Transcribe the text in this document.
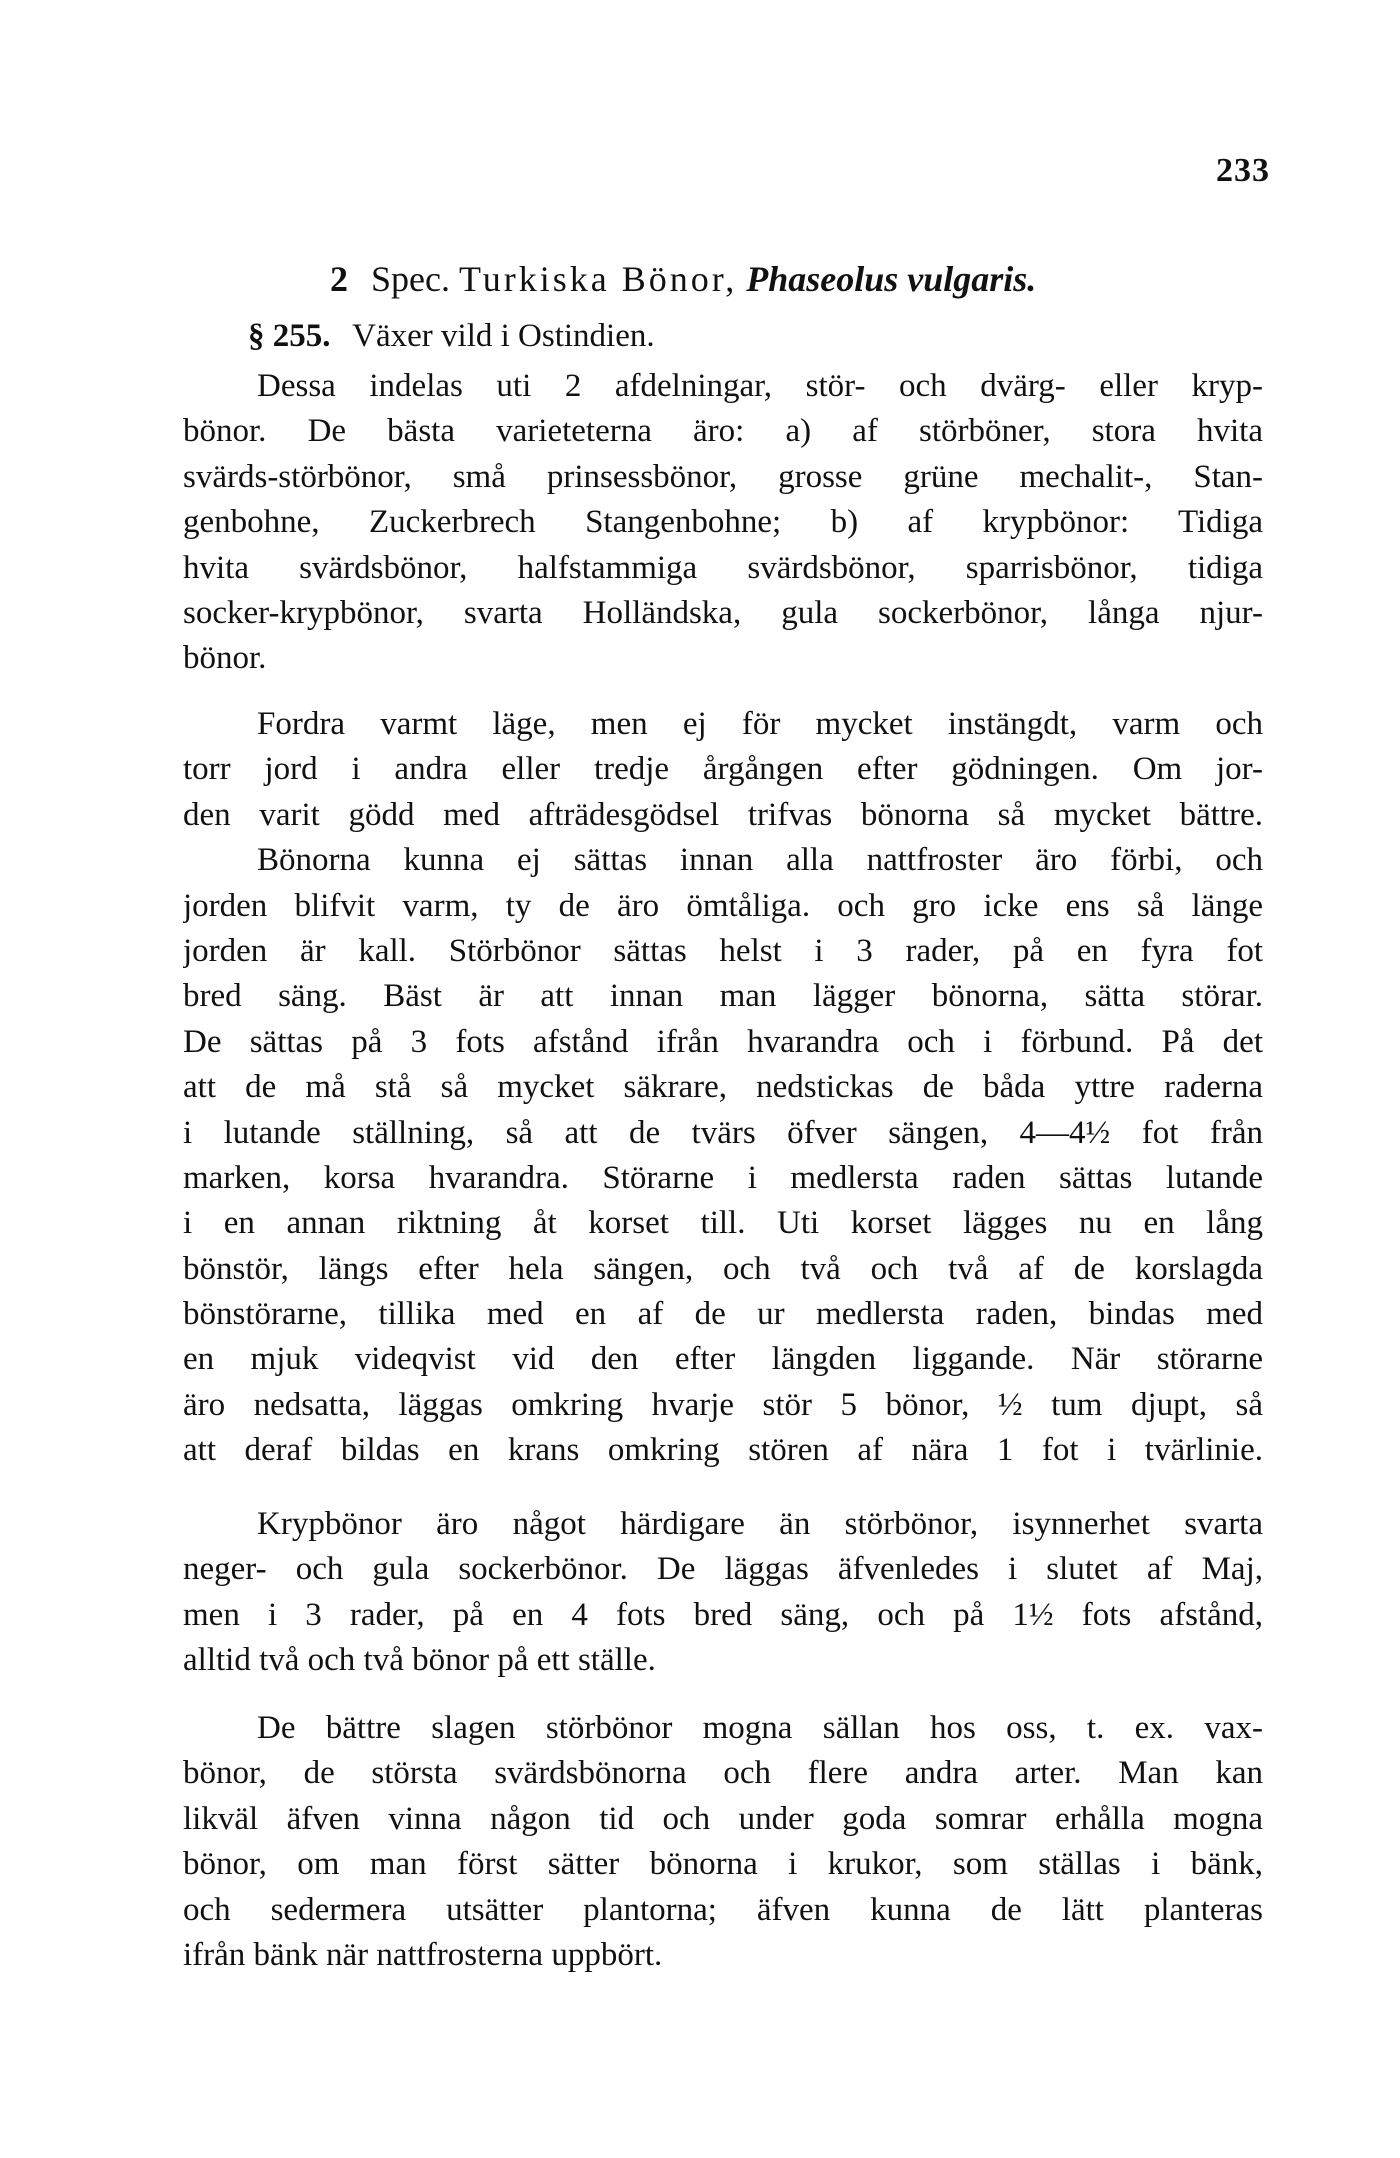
233
2 Spec. Turkiska Bönor, Phaseolus vulgaris.
§ 255. Växer vild i Ostindien.
Dessa indelas uti 2 afdelningar, stör- och dvärg- eller kryp-
bönor. De bästa varieteterna äro: a) af störböner, stora hvita
svärds-störbönor, små prinsessbönor, grosse grüne mechalit-, Stan-
genbohne, Zuckerbrech Stangenbohne; b) af krypbönor: Tidiga
hvita svärdsbönor, halfstammiga svärdsbönor, sparrisbönor, tidiga
socker-krypbönor, svarta Holländska, gula sockerbönor, långa njur-
bönor.
Fordra varmt läge, men ej för mycket instängdt, varm och
torr jord i andra eller tredje årgången efter gödningen. Om jor-
den varit gödd med afträdesgödsel trifvas bönorna så mycket bättre.
Bönorna kunna ej sättas innan alla nattfroster äro förbi, och
jorden blifvit varm, ty de äro ömtåliga. och gro icke ens så länge
jorden är kall. Störbönor sättas helst i 3 rader, på en fyra fot
bred säng. Bäst är att innan man lägger bönorna, sätta störar.
De sättas på 3 fots afstånd ifrån hvarandra och i förbund. På det
att de må stå så mycket säkrare, nedstickas de båda yttre raderna
i lutande ställning, så att de tvärs öfver sängen, 4—4½ fot från
marken, korsa hvarandra. Störarne i medlersta raden sättas lutande
i en annan riktning åt korset till. Uti korset lägges nu en lång
bönstör, längs efter hela sängen, och två och två af de korslagda
bönstörarne, tillika med en af de ur medlersta raden, bindas med
en mjuk videqvist vid den efter längden liggande. När störarne
äro nedsatta, läggas omkring hvarje stör 5 bönor, ½ tum djupt, så
att deraf bildas en krans omkring stören af nära 1 fot i tvärlinie.
Krypbönor äro något härdigare än störbönor, isynnerhet svarta
neger- och gula sockerbönor. De läggas äfvenledes i slutet af Maj,
men i 3 rader, på en 4 fots bred säng, och på 1½ fots afstånd,
alltid två och två bönor på ett ställe.
De bättre slagen störbönor mogna sällan hos oss, t. ex. vax-
bönor, de största svärdsbönorna och flere andra arter. Man kan
likväl äfven vinna någon tid och under goda somrar erhålla mogna
bönor, om man först sätter bönorna i krukor, som ställas i bänk,
och sedermera utsätter plantorna; äfven kunna de lätt planteras
ifrån bänk när nattfrosterna uppbört.
